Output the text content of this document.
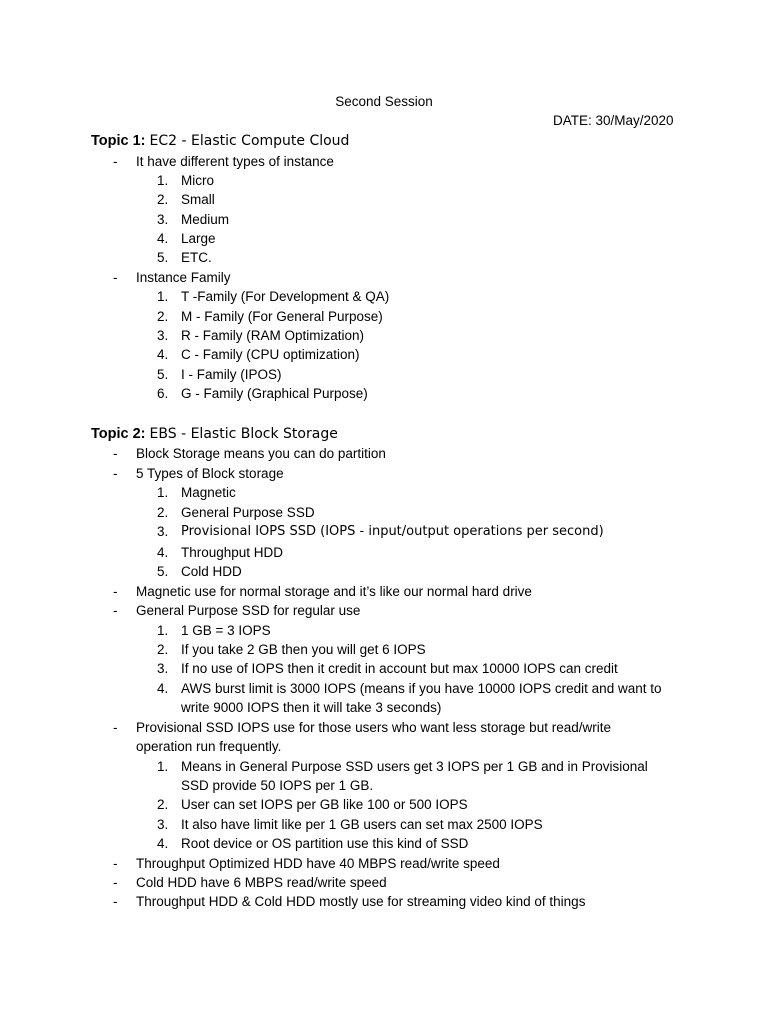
Second Session
DATE: 30/May/2020
Topic 1: EC2 - Elastic Compute Cloud
- It have different types of instance
1. Micro
2. Small
3. Medium
4. Large
5. ETC.
- Instance Family
1. T -Family (For Development & QA)
2. M - Family (For General Purpose)
3. R - Family (RAM Optimization)
4. C - Family (CPU optimization)
5. I - Family (IPOS)
6. G - Family (Graphical Purpose)
Topic 2: EBS - Elastic Block Storage
- Block Storage means you can do partition
- 5 Types of Block storage
1. Magnetic
2. General Purpose SSD
3. Provisional IOPS SSD (IOPS - input/output operations per second)
4. Throughput HDD
5. Cold HDD
- Magnetic use for normal storage and it’s like our normal hard drive
- General Purpose SSD for regular use
1. 1 GB = 3 IOPS
2. If you take 2 GB then you will get 6 IOPS
3. If no use of IOPS then it credit in account but max 10000 IOPS can credit
4. AWS burst limit is 3000 IOPS (means if you have 10000 IOPS credit and want to
write 9000 IOPS then it will take 3 seconds)
- Provisional SSD IOPS use for those users who want less storage but read/write
operation run frequently.
1. Means in General Purpose SSD users get 3 IOPS per 1 GB and in Provisional
SSD provide 50 IOPS per 1 GB.
2. User can set IOPS per GB like 100 or 500 IOPS
3. It also have limit like per 1 GB users can set max 2500 IOPS
4. Root device or OS partition use this kind of SSD
- Throughput Optimized HDD have 40 MBPS read/write speed
- Cold HDD have 6 MBPS read/write speed
- Throughput HDD & Cold HDD mostly use for streaming video kind of things
